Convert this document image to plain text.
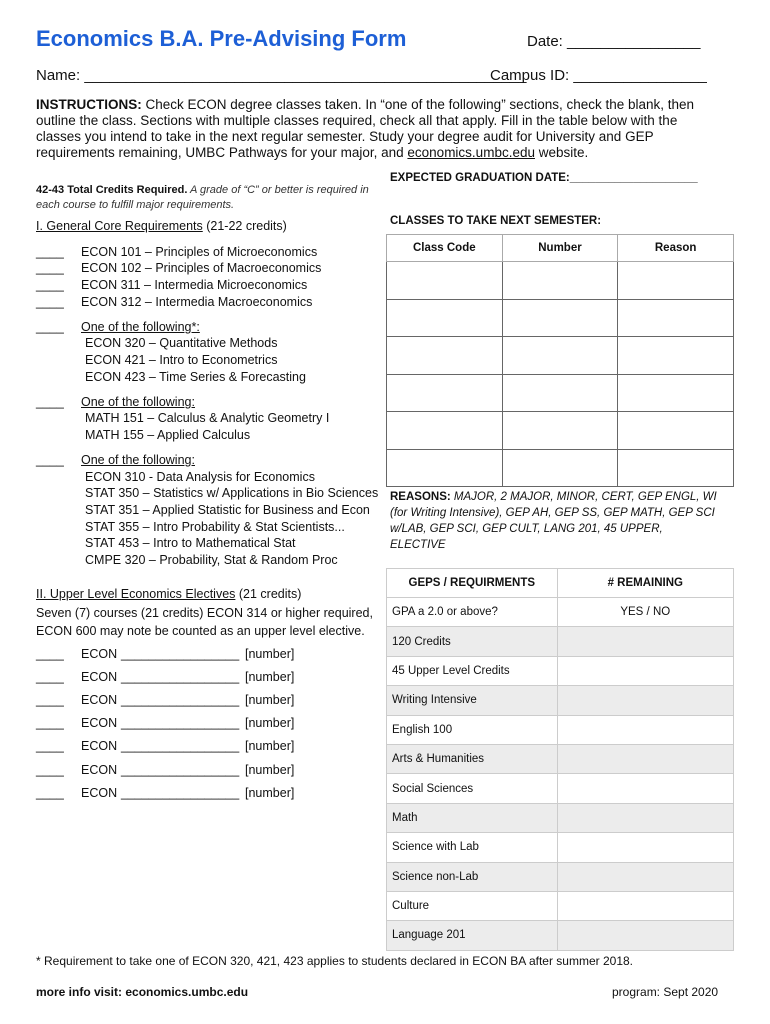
Economics B.A. Pre-Advising Form	Date: ________________
Name: _____________________________________________________
Campus ID: ________________
INSTRUCTIONS: Check ECON degree classes taken. In “one of the following” sections, check the blank, then outline the class. Sections with multiple classes required, check all that apply. Fill in the table below with the classes you intend to take in the next regular semester. Study your degree audit for University and GEP requirements remaining, UMBC Pathways for your major, and economics.umbc.edu website.
42-43 Total Credits Required. A grade of “C” or better is required in each course to fulfill major requirements.
I. General Core Requirements (21-22 credits)
____ ECON 101 – Principles of Microeconomics
____ ECON 102 – Principles of Macroeconomics
____ ECON 311 – Intermedia Microeconomics
____ ECON 312 – Intermedia Macroeconomics
____ One of the following*:
ECON 320 – Quantitative Methods
ECON 421 – Intro to Econometrics
ECON 423 – Time Series & Forecasting
____ One of the following:
MATH 151 – Calculus & Analytic Geometry I
MATH 155 – Applied Calculus
____ One of the following:
ECON 310 - Data Analysis for Economics
STAT 350 – Statistics w/ Applications in Bio Sciences
STAT 351 – Applied Statistic for Business and Econ
STAT 355 – Intro Probability & Stat Scientists...
STAT 453 – Intro to Mathematical Stat
CMPE 320 – Probability, Stat & Random Proc
II. Upper Level Economics Electives (21 credits)
Seven (7) courses (21 credits) ECON 314 or higher required,
ECON 600 may note be counted as an upper level elective.
____ ECON _________________ [number]
____ ECON _________________ [number]
____ ECON _________________ [number]
____ ECON _________________ [number]
____ ECON _________________ [number]
____ ECON _________________ [number]
____ ECON _________________ [number]
EXPECTED GRADUATION DATE:____________________
CLASSES TO TAKE NEXT SEMESTER:
Class Code	Number	Reason

REASONS: MAJOR, 2 MAJOR, MINOR, CERT, GEP ENGL, WI (for Writing Intensive), GEP AH, GEP SS, GEP MATH, GEP SCI w/LAB, GEP SCI, GEP CULT, LANG 201, 45 UPPER, ELECTIVE
GEPS / REQUIRMENTS	# REMAINING
GPA a 2.0 or above?	YES / NO
120 Credits	
45 Upper Level Credits	
Writing Intensive	
English 100	
Arts & Humanities	
Social Sciences	
Math	
Science with Lab	
Science non-Lab	
Culture	
Language 201	
* Requirement to take one of ECON 320, 421, 423 applies to students declared in ECON BA after summer 2018.
more info visit: economics.umbc.edu	program: Sept 2020
